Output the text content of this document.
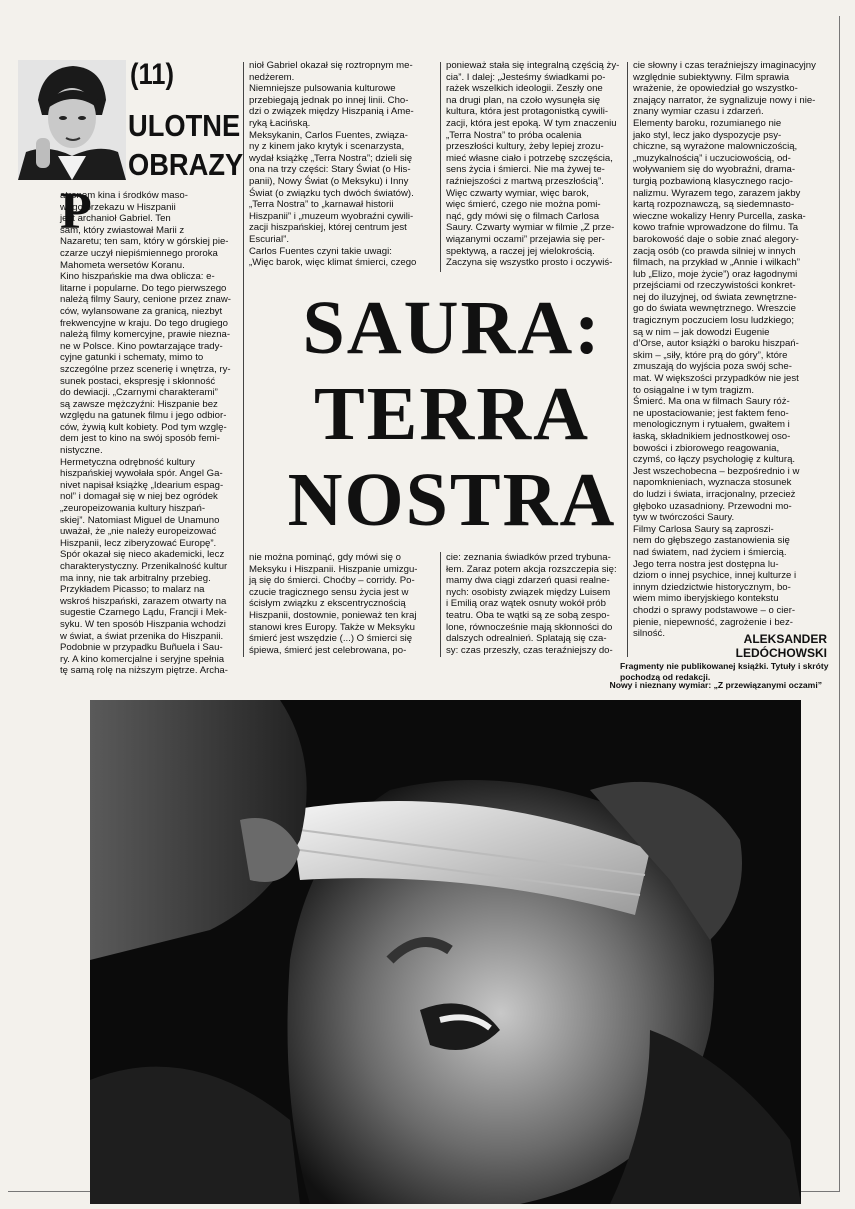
(11)
ULOTNE
OBRAZY
P
atronem kina i środków maso-
wego przekazu w Hiszpanii
jest archanioł Gabriel. Ten
sam, który zwiastował Marii z
Nazaretu; ten sam, który w górskiej pie-
czarze uczył niepiśmiennego proroka
Mahometa wersetów Koranu.
Kino hiszpańskie ma dwa oblicza: e-
litarne i popularne. Do tego pierwszego
należą filmy Saury, cenione przez znaw-
ców, wylansowane za granicą, niezbyt
frekwencyjne w kraju. Do tego drugiego
należą filmy komercyjne, prawie niezna-
ne w Polsce. Kino powtarzające trady-
cyjne gatunki i schematy, mimo to
szczególne przez scenerię i wnętrza, ry-
sunek postaci, ekspresję i skłonność
do dewiacji. „Czarnymi charakterami”
są zawsze mężczyźni: Hiszpanie bez
względu na gatunek filmu i jego odbior-
ców, żywią kult kobiety. Pod tym wzglę-
dem jest to kino na swój sposób femi-
nistyczne.
Hermetyczna odrębność kultury
hiszpańskiej wywołała spór. Angel Ga-
nivet napisał książkę „Idearium espag-
nol” i domagał się w niej bez ogródek
„zeuropeizowania kultury hiszpań-
skiej”. Natomiast Miguel de Unamuno
uważał, że „nie należy europeizować
Hiszpanii, lecz ziberyzować Europę”.
Spór okazał się nieco akademicki, lecz
charakterystyczny. Przenikalność kultur
ma inny, nie tak arbitralny przebieg.
Przykładem Picasso; to malarz na
wskroś hiszpański, zarazem otwarty na
sugestie Czarnego Lądu, Francji i Mek-
syku. W ten sposób Hiszpania wchodzi
w świat, a świat przenika do Hiszpanii.
Podobnie w przypadku Buñuela i Sau-
ry. A kino komercjalne i seryjne spełnia
tę samą rolę na niższym piętrze. Archa-
nioł Gabriel okazał się roztropnym me-
nedżerem.
Niemniejsze pulsowania kulturowe
przebiegają jednak po innej linii. Cho-
dzi o związek między Hiszpanią i Ame-
ryką Łacińską.
Meksykanin, Carlos Fuentes, związa-
ny z kinem jako krytyk i scenarzysta,
wydał książkę „Terra Nostra”; dzieli się
ona na trzy części: Stary Świat (o His-
panii), Nowy Świat (o Meksyku) i Inny
Świat (o związku tych dwóch światów).
„Terra Nostra” to „karnawał historii
Hiszpanii” i „muzeum wyobraźni cywili-
zacji hiszpańskiej, której centrum jest
Escurial”.
Carlos Fuentes czyni takie uwagi:
„Więc barok, więc klimat śmierci, czego
ponieważ stała się integralną częścią ży-
cia”. I dalej: „Jesteśmy świadkami po-
rażek wszelkich ideologii. Zeszły one
na drugi plan, na czoło wysunęła się
kultura, która jest protagonistką cywili-
zacji, która jest epoką. W tym znaczeniu
„Terra Nostra” to próba ocalenia
przeszłości kultury, żeby lepiej zrozu-
mieć własne ciało i potrzebę szczęścia,
sens życia i śmierci. Nie ma żywej te-
raźniejszości z martwą przeszłością”.
Więc czwarty wymiar, więc barok,
więc śmierć, czego nie można pomi-
nąć, gdy mówi się o filmach Carlosa
Saury. Czwarty wymiar w filmie „Z prze-
wiązanymi oczami” przejawia się per-
spektywą, a raczej jej wielokrością.
Zaczyna się wszystko prosto i oczywiś-
cie słowny i czas teraźniejszy imaginacyjny
względnie subiektywny. Film sprawia
wrażenie, że opowiedział go wszystko-
znający narrator, że sygnalizuje nowy i nie-
znany wymiar czasu i zdarzeń.
Elementy baroku, rozumianego nie
jako styl, lecz jako dyspozycje psy-
chiczne, są wyrażone malowniczością,
„muzykalnością” i uczuciowością, od-
woływaniem się do wyobraźni, drama-
turgią pozbawioną klasycznego racjo-
nalizmu. Wyrazem tego, zarazem jakby
kartą rozpoznawczą, są siedemnasto-
wieczne wokalizy Henry Purcella, zaska-
kowo trafnie wprowadzone do filmu. Ta
barokowość daje o sobie znać alegory-
zacją osób (co prawda silniej w innych
filmach, na przykład w „Annie i wilkach”
lub „Elizo, moje życie”) oraz łagodnymi
przejściami od rzeczywistości konkret-
nej do iluzyjnej, od świata zewnętrzne-
go do świata wewnętrznego. Wreszcie
tragicznym poczuciem losu ludzkiego;
są w nim – jak dowodzi Eugenie
d’Orse, autor książki o baroku hiszpań-
skim – „siły, które prą do góry”, które
zmuszają do wyjścia poza swój sche-
mat. W większości przypadków nie jest
to osiągalne i w tym tragizm.
Śmierć. Ma ona w filmach Saury róż-
ne upostaciowanie; jest faktem feno-
menologicznym i rytuałem, gwałtem i
łaską, składnikiem jednostkowej oso-
bowości i zbiorowego reagowania,
czymś, co łączy psychologię z kulturą.
Jest wszechobecna – bezpośrednio i w
napomknieniach, wyznacza stosunek
do ludzi i świata, irracjonalny, przecież
głęboko uzasadniony. Przewodni mo-
tyw w twórczości Saury.
Filmy Carlosa Saury są zaproszi-
nem do głębszego zastanowienia się
nad światem, nad życiem i śmiercią.
Jego terra nostra jest dostępna lu-
dziom o innej psychice, innej kulturze i
innym dziedzictwie historycznym, bo-
wiem mimo iberyjskiego kontekstu
chodzi o sprawy podstawowe – o cier-
pienie, niepewność, zagrożenie i bez-
silność.
SAURA:
TERRA
NOSTRA
nie można pominąć, gdy mówi się o
Meksyku i Hiszpanii. Hiszpanie umizgu-
ją się do śmierci. Choćby – corridy. Po-
czucie tragicznego sensu życia jest w
ścisłym związku z ekscentrycznością
Hiszpanii, dostownie, ponieważ ten kraj
stanowi kres Europy. Także w Meksyku
śmierć jest wszędzie (...) O śmierci się
śpiewa, śmierć jest celebrowana, po-
cie: zeznania świadków przed trybuna-
łem. Zaraz potem akcja rozszczepia się:
mamy dwa ciągi zdarzeń quasi realne-
nych: osobisty związek między Luisem
i Emilią oraz wątek osnuty wokół prób
teatru. Oba te wątki są ze sobą zespo-
lone, równocześnie mają skłonności do
dalszych odrealnień. Splatają się cza-
sy: czas przeszły, czas teraźniejszy do-
ALEKSANDER
LEDÓCHOWSKI
Fragmenty nie publikowanej książki. Tytuły i skróty pochodzą od redakcji.
Nowy i nieznany wymiar: „Z przewiązanymi oczami”
